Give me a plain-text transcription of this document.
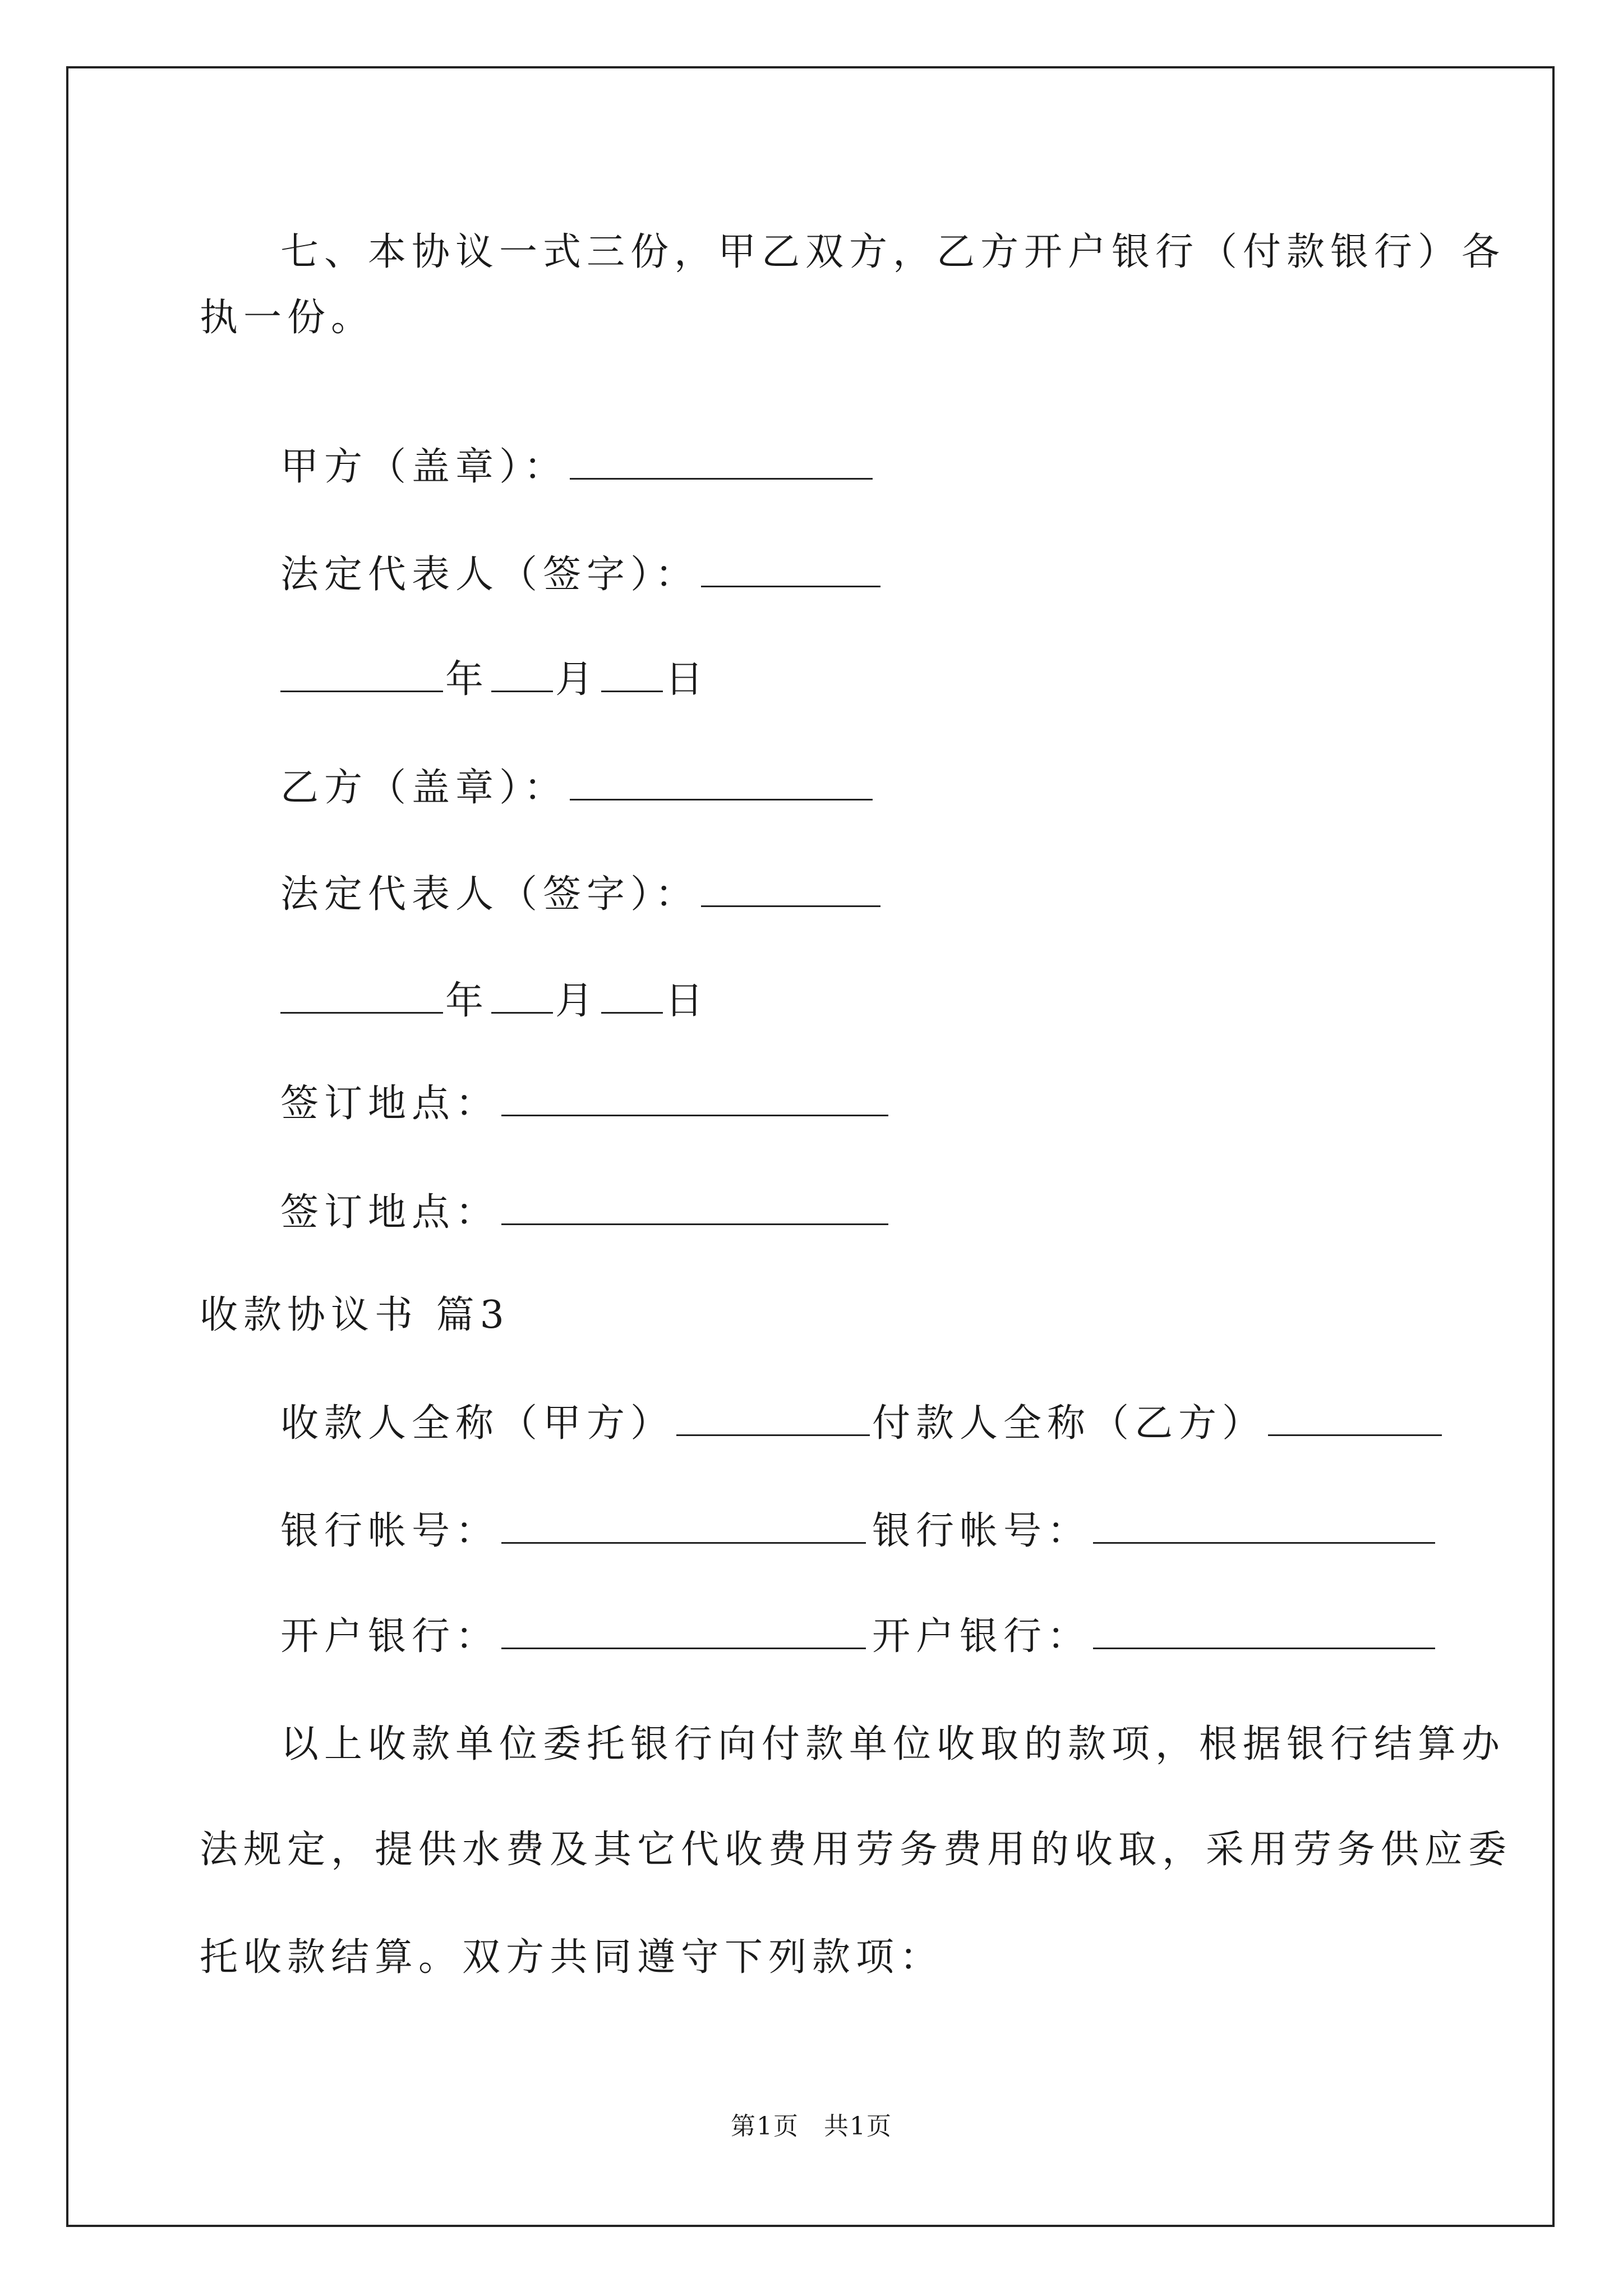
七、本协议一式三份，甲乙双方，乙方开户银行（付款银行）各
执一份。
甲方（盖章）：
法定代表人（签字）：
年 月 日
乙方（盖章）：
法定代表人（签字）：
年 月 日
签订地点：
签订地点：
收款协议书 篇3
收款人全称（甲方）	付款人全称（乙方）
银行帐号：	银行帐号：
开户银行：	开户银行：
以上收款单位委托银行向付款单位收取的款项，根据银行结算办
法规定，提供水费及其它代收费用劳务费用的收取，采用劳务供应委
托收款结算。双方共同遵守下列款项：
第1页 共1页
